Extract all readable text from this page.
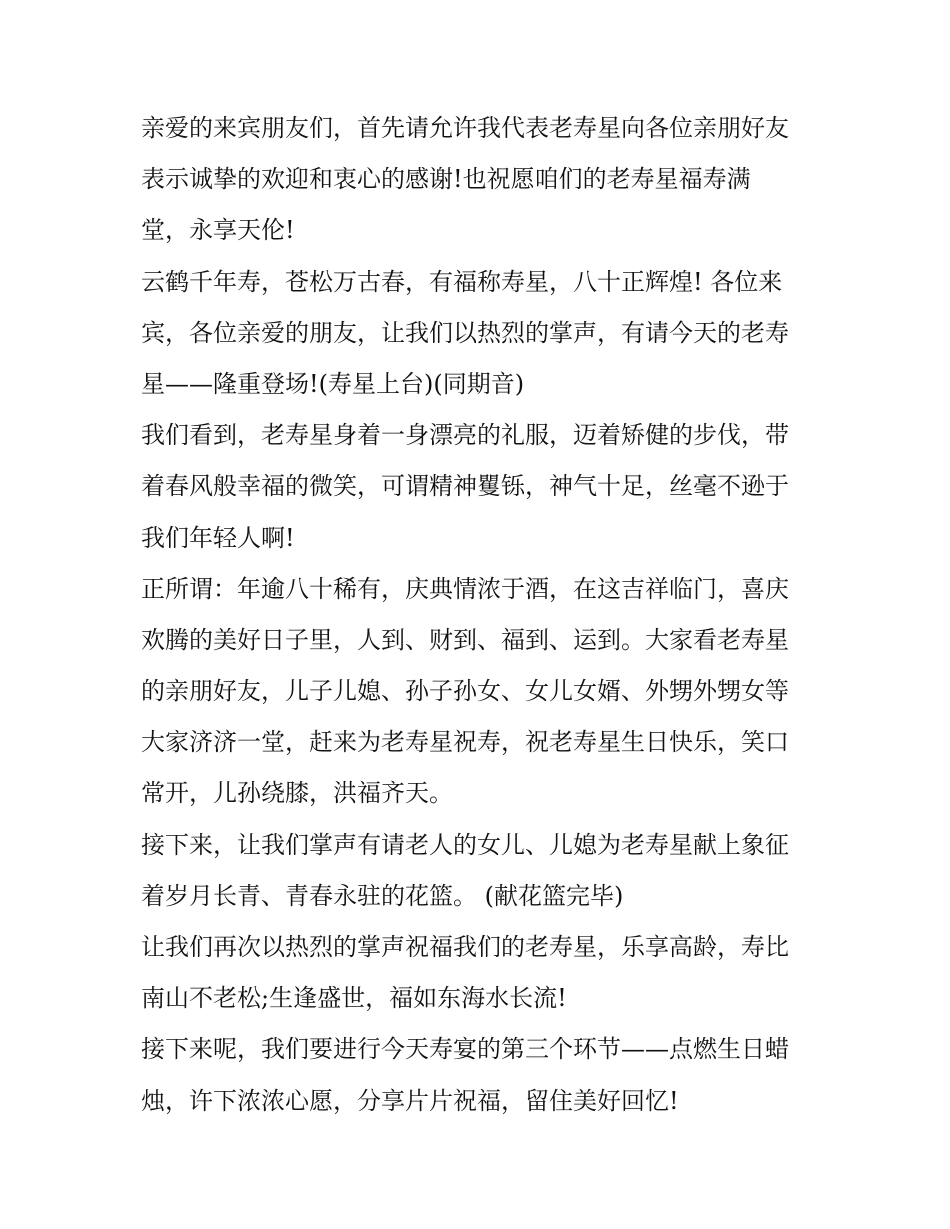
亲爱的来宾朋友们，首先请允许我代表老寿星向各位亲朋好友
表示诚挚的欢迎和衷心的感谢!也祝愿咱们的老寿星福寿满
堂，永享天伦!
云鹤千年寿，苍松万古春，有福称寿星，八十正辉煌! 各位来
宾，各位亲爱的朋友，让我们以热烈的掌声，有请今天的老寿
星——隆重登场!(寿星上台)(同期音)
我们看到，老寿星身着一身漂亮的礼服，迈着矫健的步伐，带
着春风般幸福的微笑，可谓精神矍铄，神气十足，丝毫不逊于
我们年轻人啊!
正所谓：年逾八十稀有，庆典情浓于酒，在这吉祥临门，喜庆
欢腾的美好日子里，人到、财到、福到、运到。大家看老寿星
的亲朋好友，儿子儿媳、孙子孙女、女儿女婿、外甥外甥女等
大家济济一堂，赶来为老寿星祝寿，祝老寿星生日快乐，笑口
常开，儿孙绕膝，洪福齐天。
接下来，让我们掌声有请老人的女儿、儿媳为老寿星献上象征
着岁月长青、青春永驻的花篮。 (献花篮完毕)
让我们再次以热烈的掌声祝福我们的老寿星，乐享高龄，寿比
南山不老松;生逢盛世，福如东海水长流!
接下来呢，我们要进行今天寿宴的第三个环节——点燃生日蜡
烛，许下浓浓心愿，分享片片祝福，留住美好回忆!
